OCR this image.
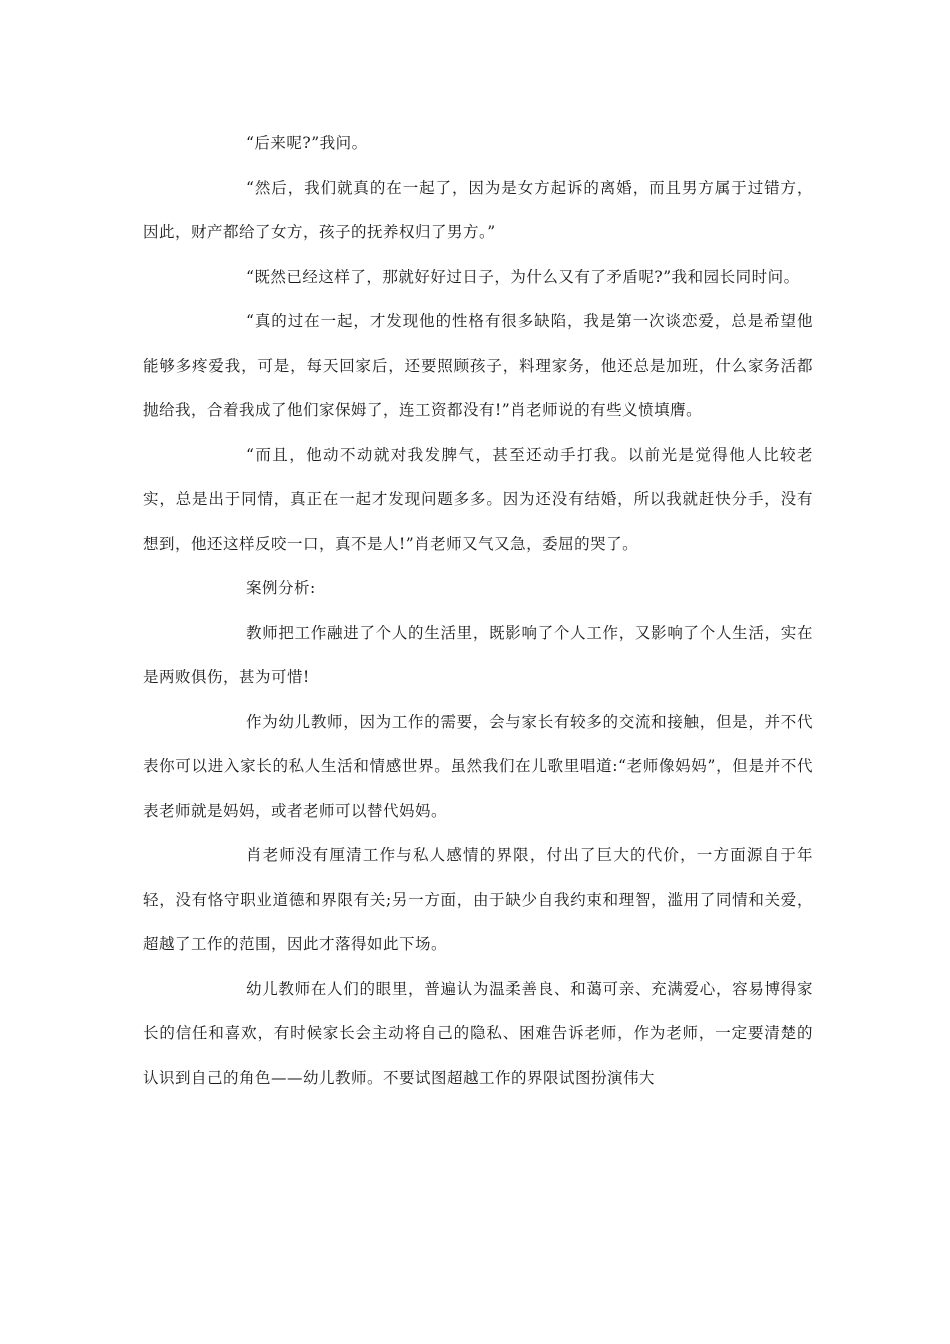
“后来呢?”我问。

“然后，我们就真的在一起了，因为是女方起诉的离婚，而且男方属于过错方，因此，财产都给了女方，孩子的抚养权归了男方。”

“既然已经这样了，那就好好过日子，为什么又有了矛盾呢?”我和园长同时问。

“真的过在一起，才发现他的性格有很多缺陷，我是第一次谈恋爱，总是希望他能够多疼爱我，可是，每天回家后，还要照顾孩子，料理家务，他还总是加班，什么家务活都抛给我，合着我成了他们家保姆了，连工资都没有!”肖老师说的有些义愤填膺。

“而且，他动不动就对我发脾气，甚至还动手打我。以前光是觉得他人比较老实，总是出于同情，真正在一起才发现问题多多。因为还没有结婚，所以我就赶快分手，没有想到，他还这样反咬一口，真不是人!”肖老师又气又急，委屈的哭了。

案例分析:

教师把工作融进了个人的生活里，既影响了个人工作，又影响了个人生活，实在是两败俱伤，甚为可惜!

作为幼儿教师，因为工作的需要，会与家长有较多的交流和接触，但是，并不代表你可以进入家长的私人生活和情感世界。虽然我们在儿歌里唱道:“老师像妈妈”，但是并不代表老师就是妈妈，或者老师可以替代妈妈。

肖老师没有厘清工作与私人感情的界限，付出了巨大的代价，一方面源自于年轻，没有恪守职业道德和界限有关;另一方面，由于缺少自我约束和理智，滥用了同情和关爱，超越了工作的范围，因此才落得如此下场。

幼儿教师在人们的眼里，普遍认为温柔善良、和蔼可亲、充满爱心，容易博得家长的信任和喜欢，有时候家长会主动将自己的隐私、困难告诉老师，作为老师，一定要清楚的认识到自己的角色——幼儿教师。不要试图超越工作的界限试图扮演伟大
